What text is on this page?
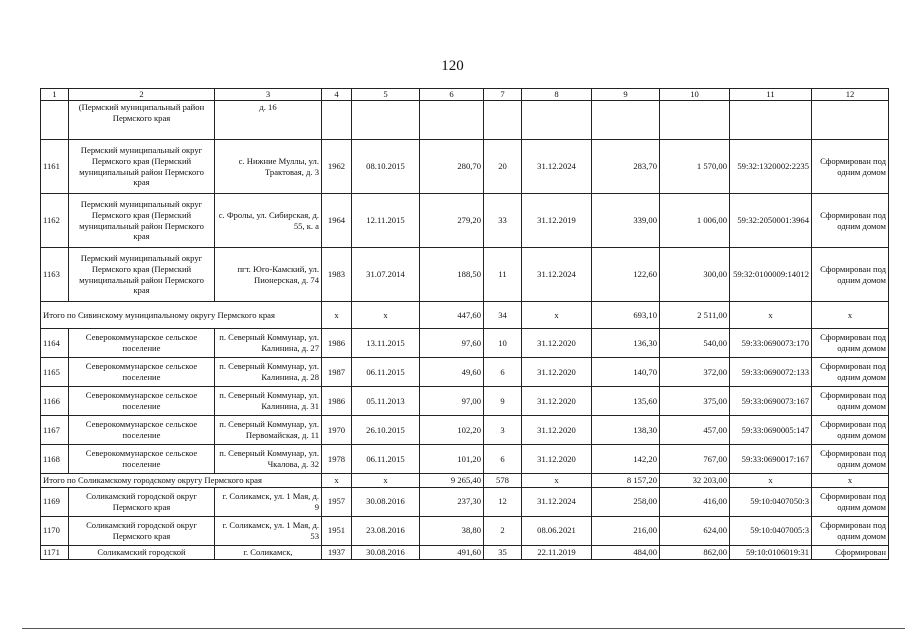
120
1	2	3	4	5	6	7	8	9	10	11	12
	(Пермский муниципальный район Пермского края	д. 16									
1161	Пермский муниципальный округ Пермского края (Пермский муниципальный район Пермского края	с. Нижние Муллы, ул. Трактовая, д. 3	1962	08.10.2015	280,70	20	31.12.2024	283,70	1 570,00	59:32:1320002:2235	Сформирован под одним домом
1162	Пермский муниципальный округ Пермского края (Пермский муниципальный район Пермского края	с. Фролы, ул. Сибирская, д. 55, к. а	1964	12.11.2015	279,20	33	31.12.2019	339,00	1 006,00	59:32:2050001:3964	Сформирован под одним домом
1163	Пермский муниципальный округ Пермского края (Пермский муниципальный район Пермского края	пгт. Юго-Камский, ул. Пионерская, д. 74	1983	31.07.2014	188,50	11	31.12.2024	122,60	300,00	59:32:0100009:14012	Сформирован под одним домом
Итого по Сивинскому муниципальному округу Пермского края			х	х	447,60	34	х	693,10	2 511,00	х	х
1164	Северокоммунарское сельское поселение	п. Северный Коммунар, ул. Калинина, д. 27	1986	13.11.2015	97,60	10	31.12.2020	136,30	540,00	59:33:0690073:170	Сформирован под одним домом
1165	Северокоммунарское сельское поселение	п. Северный Коммунар, ул. Калинина, д. 28	1987	06.11.2015	49,60	6	31.12.2020	140,70	372,00	59:33:0690072:133	Сформирован под одним домом
1166	Северокоммунарское сельское поселение	п. Северный Коммунар, ул. Калинина, д. 31	1986	05.11.2013	97,00	9	31.12.2020	135,60	375,00	59:33:0690073:167	Сформирован под одним домом
1167	Северокоммунарское сельское поселение	п. Северный Коммунар, ул. Первомайская, д. 11	1970	26.10.2015	102,20	3	31.12.2020	138,30	457,00	59:33:0690005:147	Сформирован под одним домом
1168	Северокоммунарское сельское поселение	п. Северный Коммунар, ул. Чкалова, д. 32	1978	06.11.2015	101,20	6	31.12.2020	142,20	767,00	59:33:0690017:167	Сформирован под одним домом
Итого по Соликамскому городскому округу Пермского края			х	х	9 265,40	578	х	8 157,20	32 203,00	х	х
1169	Соликамский городской округ Пермского края	г. Соликамск, ул. 1 Мая, д. 9	1957	30.08.2016	237,30	12	31.12.2024	258,00	416,00	59:10:0407050:3	Сформирован под одним домом
1170	Соликамский городской округ Пермского края	г. Соликамск, ул. 1 Мая, д. 53	1951	23.08.2016	38,80	2	08.06.2021	216,00	624,00	59:10:0407005:3	Сформирован под одним домом
1171	Соликамский городской	г. Соликамск,	1937	30.08.2016	491,60	35	22.11.2019	484,00	862,00	59:10:0106019:31	Сформирован
